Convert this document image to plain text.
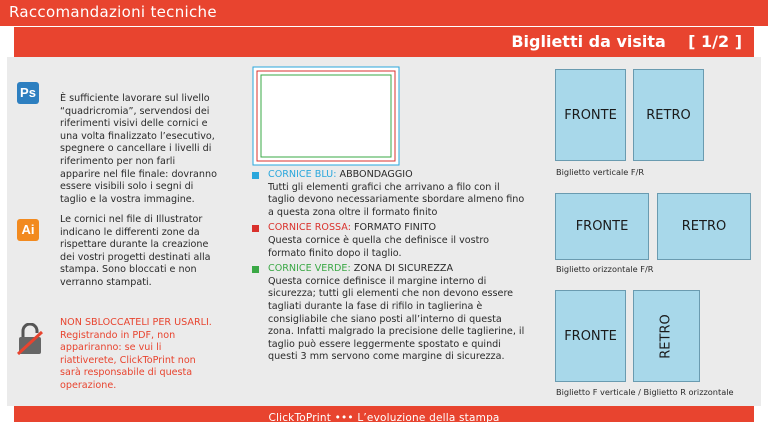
Raccomandazioni tecniche
Biglietti da visita [ 1/2 ]
Ps	È sufficiente lavorare sul livello “quadricromia”, servendosi dei riferimenti visivi delle cornici e una volta finalizzato l’esecutivo, spegnere o cancellare i livelli di riferimento per non farli apparire nel file finale: dovranno essere visibili solo i segni di taglio e la vostra immagine.
Ai
Le cornici nel file di Illustrator indicano le differenti zone da rispettare durante la creazione dei vostri progetti destinati alla stampa. Sono bloccati e non verranno stampati.
NON SBLOCCATELI PER USARLI. Registrando in PDF, non appariranno: se vui li riattiverete, ClickToPrint non sarà responsabile di questa operazione.
CORNICE BLU: ABBONDAGGIO
Tutti gli elementi grafici che arrivano a filo con il taglio devono necessariamente sbordare almeno fino a questa zona oltre il formato finito
CORNICE ROSSA: FORMATO FINITO
Questa cornice è quella che definisce il vostro formato finito dopo il taglio.
CORNICE VERDE: ZONA DI SICUREZZA
Questa cornice definisce il margine interno di sicurezza; tutti gli elementi che non devono essere tagliati durante la fase di rifilo in taglierina è consigliabile che siano posti all’interno di questa zona. Infatti malgrado la precisione delle taglierine, il taglio può essere leggermente spostato e quindi questi 3 mm servono come margine di sicurezza.
FRONTE RETRO
Biglietto verticale F/R
FRONTE	RETRO
Biglietto orizzontale F/R
FRONTE	RETRO
Biglietto F verticale / Biglietto R orizzontale
ClickToPrint ••• L’evoluzione della stampa
